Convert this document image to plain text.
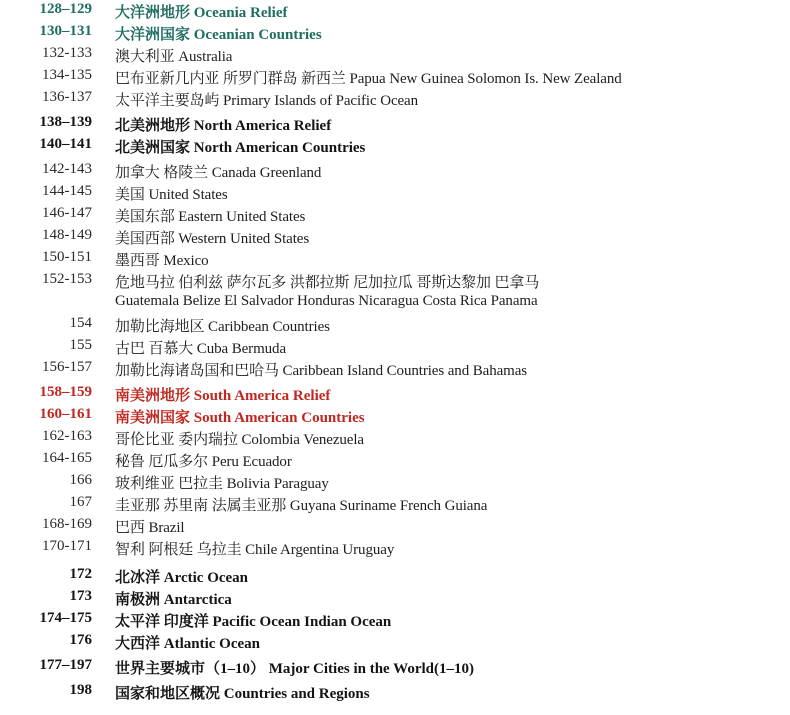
128–129 大洋洲地形 Oceania Relief
130–131 大洋洲国家 Oceanian Countries
132-133 澳大利亚 Australia
134-135 巴布亚新几内亚 所罗门群岛 新西兰 Papua New Guinea Solomon Is. New Zealand
136-137 太平洋主要岛屿 Primary Islands of Pacific Ocean
138–139 北美洲地形 North America Relief
140–141 北美洲国家 North American Countries
142-143 加拿大 格陵兰 Canada Greenland
144-145 美国 United States
146-147 美国东部 Eastern United States
148-149 美国西部 Western United States
150-151 墨西哥 Mexico
152-153 危地马拉 伯利兹 萨尔瓦多 洪都拉斯 尼加拉瓜 哥斯达黎加 巴拿马
Guatemala Belize El Salvador Honduras Nicaragua Costa Rica Panama
154 加勒比海地区 Caribbean Countries
155 古巴 百慕大 Cuba Bermuda
156-157 加勒比海诸岛国和巴哈马 Caribbean Island Countries and Bahamas
158–159 南美洲地形 South America Relief
160–161 南美洲国家 South American Countries
162-163 哥伦比亚 委内瑞拉 Colombia Venezuela
164-165 秘鲁 厄瓜多尔 Peru Ecuador
166 玻利维亚 巴拉圭 Bolivia Paraguay
167 圭亚那 苏里南 法属圭亚那 Guyana Suriname French Guiana
168-169 巴西 Brazil
170-171 智利 阿根廷 乌拉圭 Chile Argentina Uruguay
172 北冰洋 Arctic Ocean
173 南极洲 Antarctica
174–175 太平洋 印度洋 Pacific Ocean Indian Ocean
176 大西洋 Atlantic Ocean
177–197 世界主要城市（1–10） Major Cities in the World(1–10)
198 国家和地区概况 Countries and Regions
